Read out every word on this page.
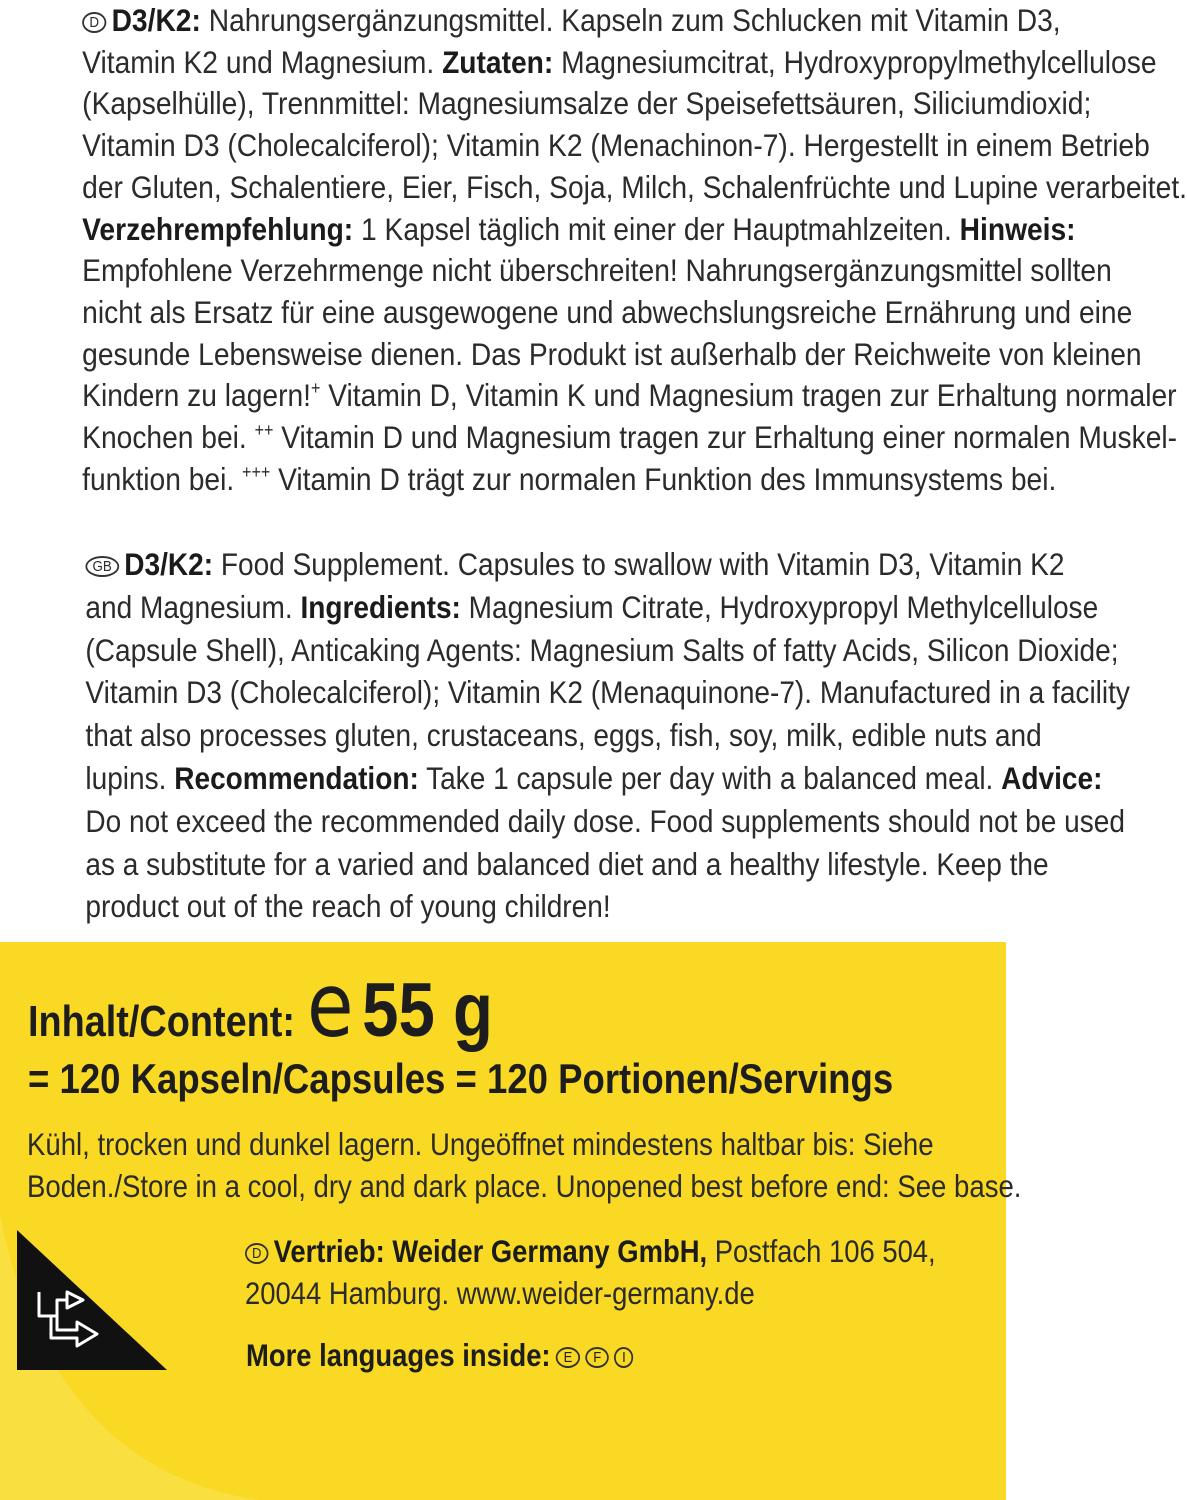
D D3/K2: Nahrungsergänzungsmittel. Kapseln zum Schlucken mit Vitamin D3,

Vitamin K2 und Magnesium. Zutaten: Magnesiumcitrat, Hydroxypropylmethylcellulose

(Kapselhülle), Trennmittel: Magnesiumsalze der Speisefettsäuren, Siliciumdioxid;

Vitamin D3 (Cholecalciferol); Vitamin K2 (Menachinon-7). Hergestellt in einem Betrieb

der Gluten, Schalentiere, Eier, Fisch, Soja, Milch, Schalenfrüchte und Lupine verarbeitet.

Verzehrempfehlung: 1 Kapsel täglich mit einer der Hauptmahlzeiten. Hinweis:

Empfohlene Verzehrmenge nicht überschreiten! Nahrungsergänzungsmittel sollten

nicht als Ersatz für eine ausgewogene und abwechslungsreiche Ernährung und eine

gesunde Lebensweise dienen. Das Produkt ist außerhalb der Reichweite von kleinen

Kindern zu lagern!+ Vitamin D, Vitamin K und Magnesium tragen zur Erhaltung normaler

Knochen bei. ++ Vitamin D und Magnesium tragen zur Erhaltung einer normalen Muskel-

funktion bei. +++ Vitamin D trägt zur normalen Funktion des Immunsystems bei.

GB D3/K2: Food Supplement. Capsules to swallow with Vitamin D3, Vitamin K2

and Magnesium. Ingredients: Magnesium Citrate, Hydroxypropyl Methylcellulose

(Capsule Shell), Anticaking Agents: Magnesium Salts of fatty Acids, Silicon Dioxide;

Vitamin D3 (Cholecalciferol); Vitamin K2 (Menaquinone-7). Manufactured in a facility

that also processes gluten, crustaceans, eggs, fish, soy, milk, edible nuts and

lupins. Recommendation: Take 1 capsule per day with a balanced meal. Advice:

Do not exceed the recommended daily dose. Food supplements should not be used

as a substitute for a varied and balanced diet and a healthy lifestyle. Keep the

product out of the reach of young children!

Inhalt/Content: e 55 g
= 120 Kapseln/Capsules = 120 Portionen/Servings

Kühl, trocken und dunkel lagern. Ungeöffnet mindestens haltbar bis: Siehe

Boden./Store in a cool, dry and dark place. Unopened best before end: See base.

D Vertrieb: Weider Germany GmbH, Postfach 106 504,

20044 Hamburg. www.weider-germany.de

More languages inside: E F I
